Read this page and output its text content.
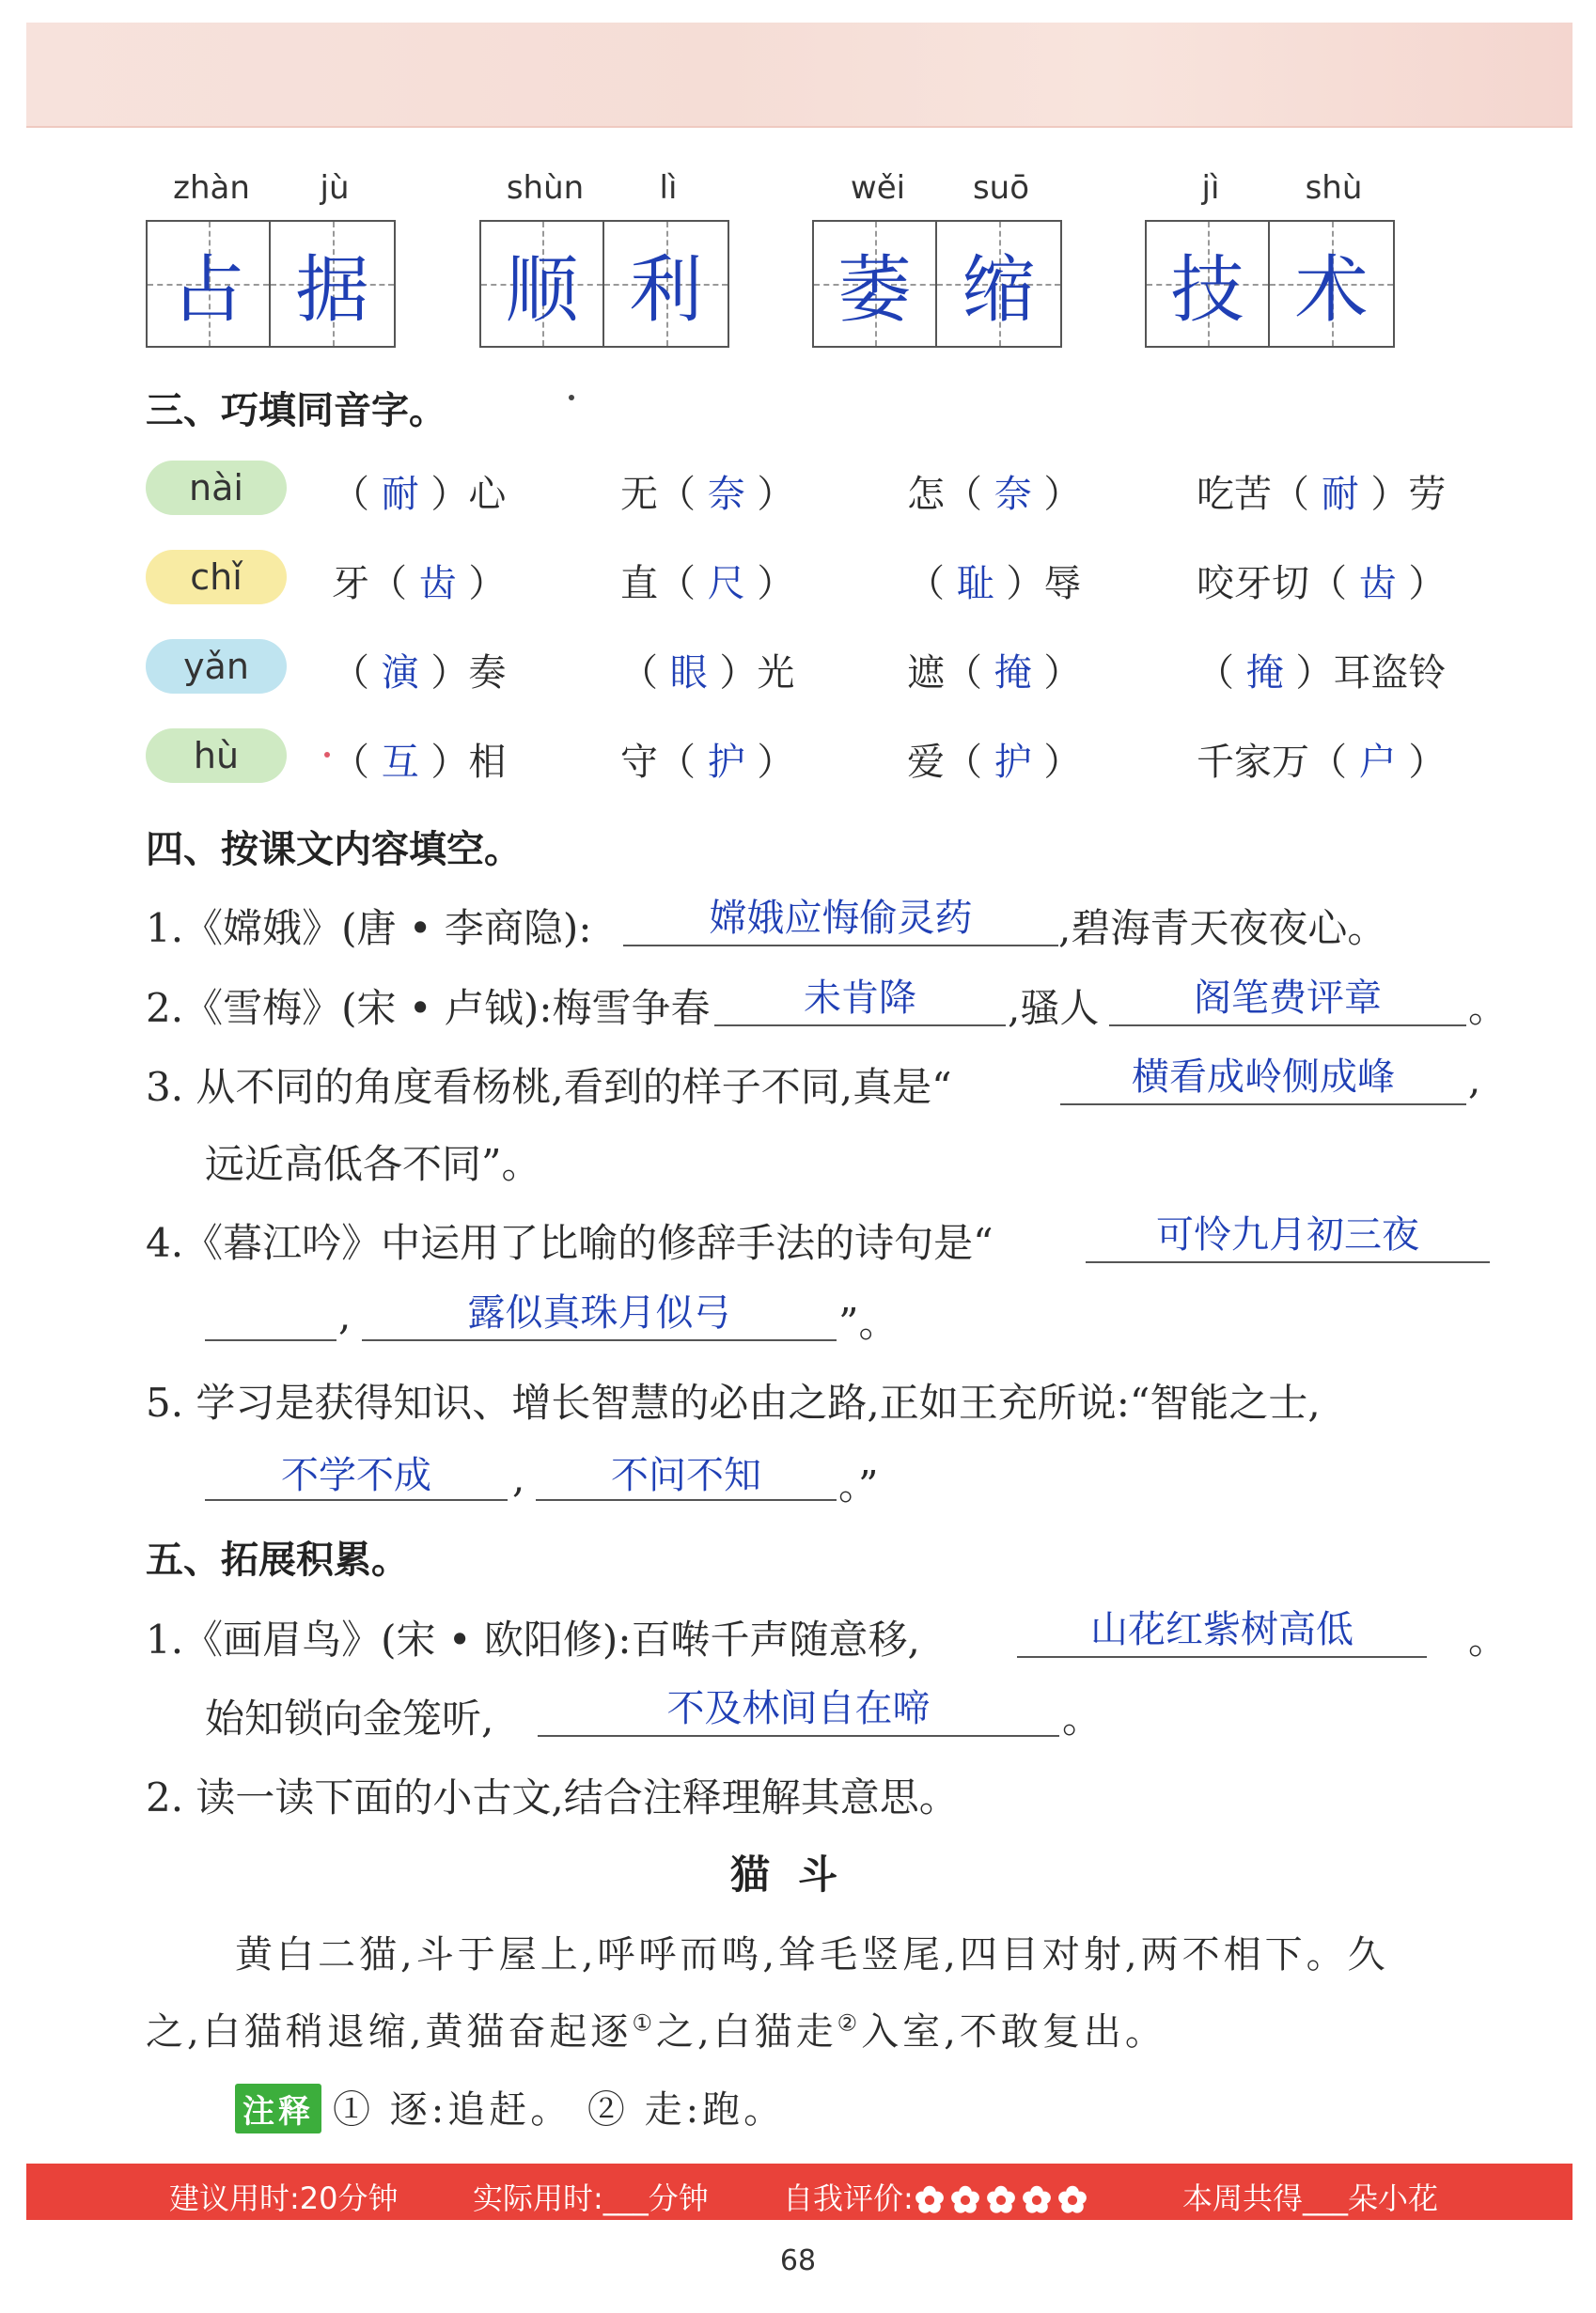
zhàn	jù
占 据
shùn	lì
顺 利
wěi	suō
萎 缩
jì	shù
技 术
三、巧填同音字。
nài	（ 耐 ）心	无（ 奈 ）	怎（ 奈 ）	吃苦（ 耐 ）劳
chǐ	牙（ 齿 ）	直（ 尺 ）	（ 耻 ）辱	咬牙切（ 齿 ）
yǎn	（ 演 ）奏	（ 眼 ）光	遮（ 掩 ）	（ 掩 ）耳盗铃
hù	（ 互 ）相	守（ 护 ）	爱（ 护 ）	千家万（ 户 ）
四、按课文内容填空。
1.《嫦娥》(唐 • 李商隐):	嫦娥应悔偷灵药	,碧海青天夜夜心。
2.《雪梅》(宋 • 卢钺):梅雪争春	未肯降	,骚人	阁笔费评章	。
3. 从不同的角度看杨桃,看到的样子不同,真是“	横看成岭侧成峰	,
远近高低各不同”。
4.《暮江吟》中运用了比喻的修辞手法的诗句是“	可怜九月初三夜
,	露似真珠月似弓	”。
5. 学习是获得知识、增长智慧的必由之路,正如王充所说:“智能之士,
不学不成	,	不问不知	。”
五、拓展积累。
1.《画眉鸟》(宋 • 欧阳修):百啭千声随意移,	山花红紫树高低	。
始知锁向金笼听,	不及林间自在啼	。
2. 读一读下面的小古文,结合注释理解其意思。
猫斗
黄白二猫,斗于屋上,呼呼而鸣,耸毛竖尾,四目对射,两不相下。久
之,白猫稍退缩,黄猫奋起逐①之,白猫走②入室,不敢复出。
注释 ① 逐:追赶。 ② 走:跑。
建议用时:20分钟 实际用时:___分钟 自我评价:	本周共得___朵小花
68
